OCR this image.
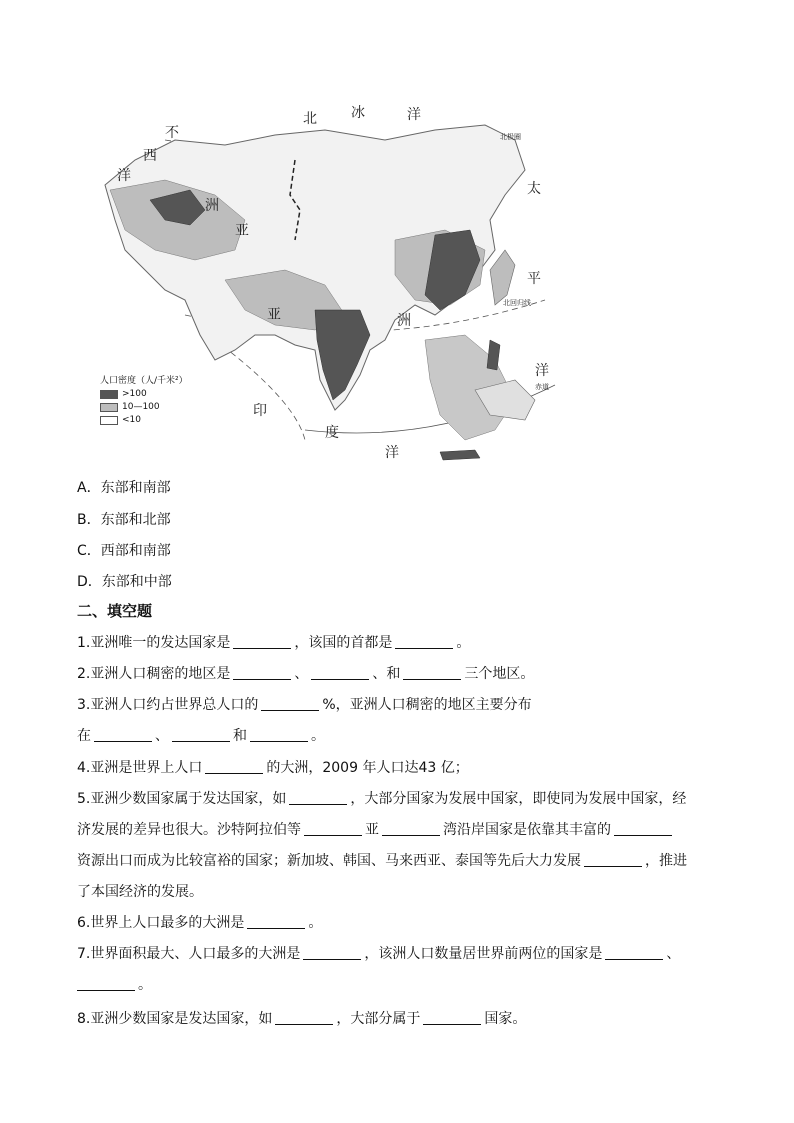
北 冰	洋
不
西
洋
北极圈
太
平
北回归线
洋
赤道
洲
亚
亚	洲
印
度
洋
人口密度（人/千米²）
>100
10—100
<10
A．东部和南部
B．东部和北部
C．西部和南部
D．东部和中部
二、填空题
1.亚洲唯一的发达国家是	，该国的首都是	。
2.亚洲人口稠密的地区是	、	、和	三个地区。
3.亚洲人口约占世界总人口的	%，亚洲人口稠密的地区主要分布
在	、	和	。
4.亚洲是世界上人口	的大洲，2009 年人口达43 亿；
5.亚洲少数国家属于发达国家，如	，大部分国家为发展中国家，即使同为发展中国家，经
济发展的差异也很大。沙特阿拉伯等	亚	湾沿岸国家是依靠其丰富的
资源出口而成为比较富裕的国家；新加坡、韩国、马来西亚、泰国等先后大力发展	，推进
了本国经济的发展。
6.世界上人口最多的大洲是	。
7.世界面积最大、人口最多的大洲是	，该洲人口数量居世界前两位的国家是	、
。
8.亚洲少数国家是发达国家，如	，大部分属于	国家。
